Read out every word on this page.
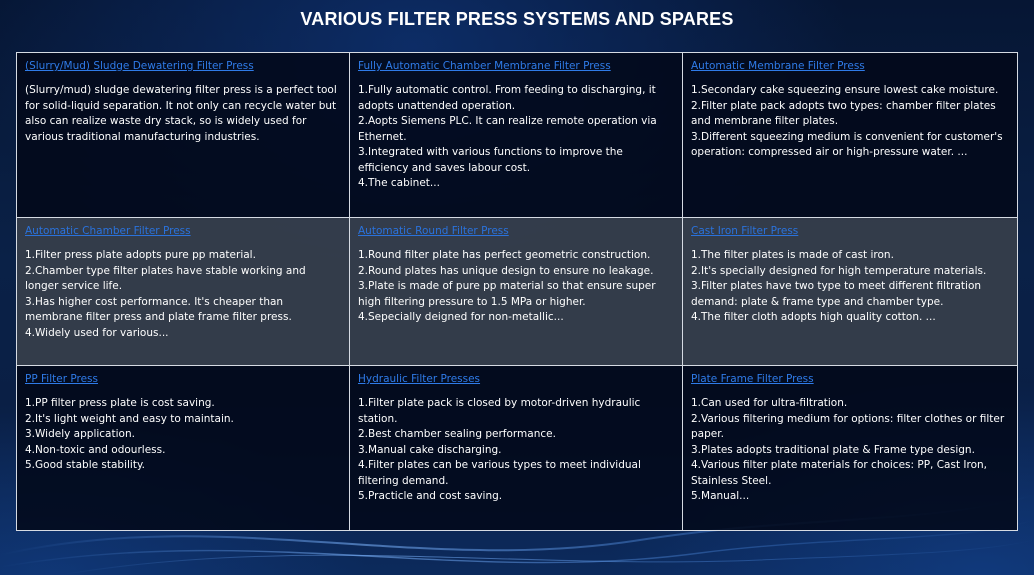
VARIOUS FILTER PRESS SYSTEMS AND SPARES
(Slurry/Mud) Sludge Dewatering Filter Press
(Slurry/mud) sludge dewatering filter press is a perfect tool for solid-liquid separation. It not only can recycle water but also can realize waste dry stack, so is widely used for various traditional manufacturing industries.
Fully Automatic Chamber Membrane Filter Press
1.Fully automatic control. From feeding to discharging, it adopts unattended operation.
2.Aopts Siemens PLC. It can realize remote operation via Ethernet.
3.Integrated with various functions to improve the efficiency and saves labour cost.
4.The cabinet...
Automatic Membrane Filter Press
1.Secondary cake squeezing ensure lowest cake moisture.
2.Filter plate pack adopts two types: chamber filter plates and membrane filter plates.
3.Different squeezing medium is convenient for customer's operation: compressed air or high-pressure water. ...
Automatic Chamber Filter Press
1.Filter press plate adopts pure pp material.
2.Chamber type filter plates have stable working and longer service life.
3.Has higher cost performance. It's cheaper than membrane filter press and plate frame filter press.
4.Widely used for various...
Automatic Round Filter Press
1.Round filter plate has perfect geometric construction.
2.Round plates has unique design to ensure no leakage.
3.Plate is made of pure pp material so that ensure super high filtering pressure to 1.5 MPa or higher.
4.Sepecially deigned for non-metallic...
Cast Iron Filter Press
1.The filter plates is made of cast iron.
2.It's specially designed for high temperature materials.
3.Filter plates have two type to meet different filtration demand: plate & frame type and chamber type.
4.The filter cloth adopts high quality cotton. ...
PP Filter Press
1.PP filter press plate is cost saving.
2.It's light weight and easy to maintain.
3.Widely application.
4.Non-toxic and odourless.
5.Good stable stability.
Hydraulic Filter Presses
1.Filter plate pack is closed by motor-driven hydraulic station.
2.Best chamber sealing performance.
3.Manual cake discharging.
4.Filter plates can be various types to meet individual filtering demand.
5.Practicle and cost saving.
Plate Frame Filter Press
1.Can used for ultra-filtration.
2.Various filtering medium for options: filter clothes or filter paper.
3.Plates adopts traditional plate & Frame type design.
4.Various filter plate materials for choices: PP, Cast Iron, Stainless Steel.
5.Manual...
